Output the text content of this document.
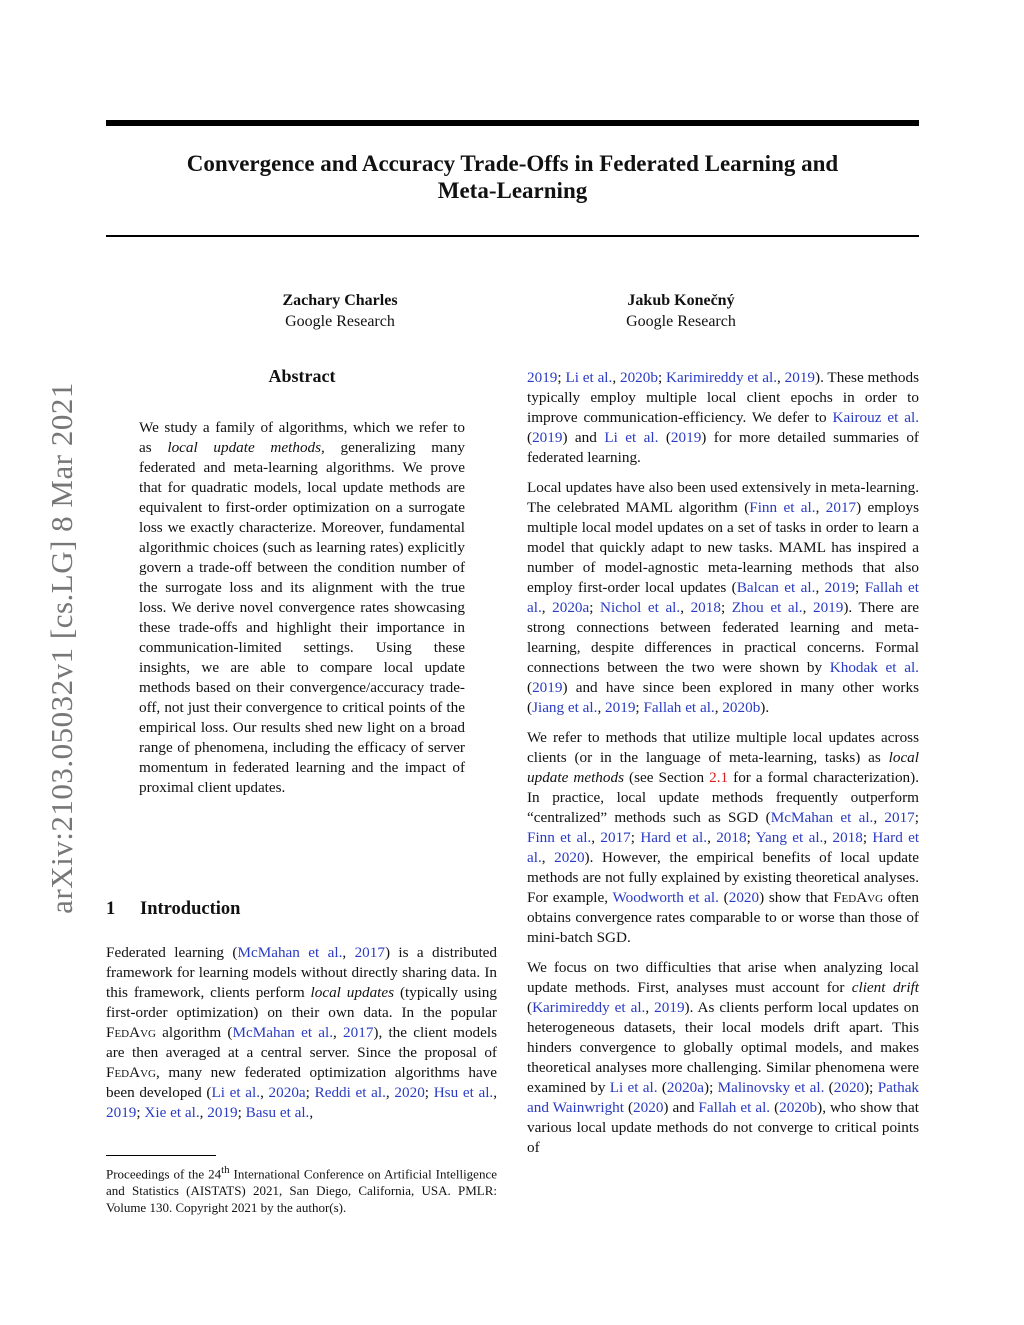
Convergence and Accuracy Trade-Offs in Federated Learning and
Meta-Learning
Zachary Charles
Google Research
Jakub Konečný
Google Research
arXiv:2103.05032v1 [cs.LG] 8 Mar 2021
Abstract
We study a family of algorithms, which we refer to as local update methods, generalizing many federated and meta-learning algorithms. We prove that for quadratic models, local update methods are equivalent to first-order optimization on a surrogate loss we exactly characterize. Moreover, fundamental algorithmic choices (such as learning rates) explicitly govern a trade-off between the condition number of the surrogate loss and its alignment with the true loss. We derive novel convergence rates showcasing these trade-offs and highlight their importance in communication-limited settings. Using these insights, we are able to compare local update methods based on their convergence/accuracy trade-off, not just their convergence to critical points of the empirical loss. Our results shed new light on a broad range of phenomena, including the efficacy of server momentum in federated learning and the impact of proximal client updates.
1 Introduction

Federated learning (McMahan et al., 2017) is a distributed framework for learning models without directly sharing data. In this framework, clients perform local updates (typically using first-order optimization) on their own data. In the popular FedAvg algorithm (McMahan et al., 2017), the client models are then averaged at a central server. Since the proposal of FedAvg, many new federated optimization algorithms have been developed (Li et al., 2020a; Reddi et al., 2020; Hsu et al., 2019; Xie et al., 2019; Basu et al.,

Proceedings of the 24th International Conference on Artificial Intelligence and Statistics (AISTATS) 2021, San Diego, California, USA. PMLR: Volume 130. Copyright 2021 by the author(s).

2019; Li et al., 2020b; Karimireddy et al., 2019). These methods typically employ multiple local client epochs in order to improve communication-efficiency. We defer to Kairouz et al. (2019) and Li et al. (2019) for more detailed summaries of federated learning.

Local updates have also been used extensively in meta-learning. The celebrated MAML algorithm (Finn et al., 2017) employs multiple local model updates on a set of tasks in order to learn a model that quickly adapt to new tasks. MAML has inspired a number of model-agnostic meta-learning methods that also employ first-order local updates (Balcan et al., 2019; Fallah et al., 2020a; Nichol et al., 2018; Zhou et al., 2019). There are strong connections between federated learning and meta-learning, despite differences in practical concerns. Formal connections between the two were shown by Khodak et al. (2019) and have since been explored in many other works (Jiang et al., 2019; Fallah et al., 2020b).

We refer to methods that utilize multiple local updates across clients (or in the language of meta-learning, tasks) as local update methods (see Section 2.1 for a formal characterization). In practice, local update methods frequently outperform “centralized” methods such as SGD (McMahan et al., 2017; Finn et al., 2017; Hard et al., 2018; Yang et al., 2018; Hard et al., 2020). However, the empirical benefits of local update methods are not fully explained by existing theoretical analyses. For example, Woodworth et al. (2020) show that FedAvg often obtains convergence rates comparable to or worse than those of mini-batch SGD.

We focus on two difficulties that arise when analyzing local update methods. First, analyses must account for client drift (Karimireddy et al., 2019). As clients perform local updates on heterogeneous datasets, their local models drift apart. This hinders convergence to globally optimal models, and makes theoretical analyses more challenging. Similar phenomena were examined by Li et al. (2020a); Malinovsky et al. (2020); Pathak and Wainwright (2020) and Fallah et al. (2020b), who show that various local update methods do not converge to critical points of
